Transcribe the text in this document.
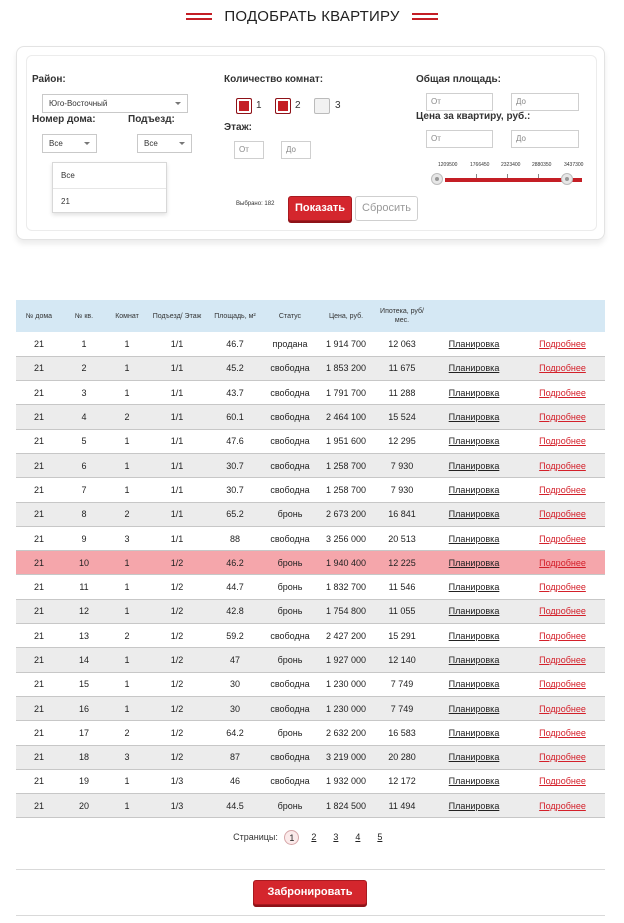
ПОДОБРАТЬ КВАРТИРУ
Район:
Юго-Восточный
Номер дома:
Все
Подъезд:
Все
Количество комнат:
1	2	3
Этаж:
От	До
Общая площадь:
От	До
Цена за квартиру, руб.:
От	До
1209500	1766450 2323400 2880350	3437300
Выбрано: 182	Показать	Сбросить
Все
21
№ дома	№ кв.	Комнат	Подъезд/ Этаж	Площадь, м²	Статус	Цена, руб.	Ипотека, руб/мес.		
21	1	1	1/1	46.7	продана	1 914 700	12 063	Планировка	Подробнее
21	2	1	1/1	45.2	свободна	1 853 200	11 675	Планировка	Подробнее
21	3	1	1/1	43.7	свободна	1 791 700	11 288	Планировка	Подробнее
21	4	2	1/1	60.1	свободна	2 464 100	15 524	Планировка	Подробнее
21	5	1	1/1	47.6	свободна	1 951 600	12 295	Планировка	Подробнее
21	6	1	1/1	30.7	свободна	1 258 700	7 930	Планировка	Подробнее
21	7	1	1/1	30.7	свободна	1 258 700	7 930	Планировка	Подробнее
21	8	2	1/1	65.2	бронь	2 673 200	16 841	Планировка	Подробнее
21	9	3	1/1	88	свободна	3 256 000	20 513	Планировка	Подробнее
21	10	1	1/2	46.2	бронь	1 940 400	12 225	Планировка	Подробнее
21	11	1	1/2	44.7	бронь	1 832 700	11 546	Планировка	Подробнее
21	12	1	1/2	42.8	бронь	1 754 800	11 055	Планировка	Подробнее
21	13	2	1/2	59.2	свободна	2 427 200	15 291	Планировка	Подробнее
21	14	1	1/2	47	бронь	1 927 000	12 140	Планировка	Подробнее
21	15	1	1/2	30	свободна	1 230 000	7 749	Планировка	Подробнее
21	16	1	1/2	30	свободна	1 230 000	7 749	Планировка	Подробнее
21	17	2	1/2	64.2	бронь	2 632 200	16 583	Планировка	Подробнее
21	18	3	1/2	87	свободна	3 219 000	20 280	Планировка	Подробнее
21	19	1	1/3	46	свободна	1 932 000	12 172	Планировка	Подробнее
21	20	1	1/3	44.5	бронь	1 824 500	11 494	Планировка	Подробнее
Страницы:	1	2	3	4	5
Забронировать
